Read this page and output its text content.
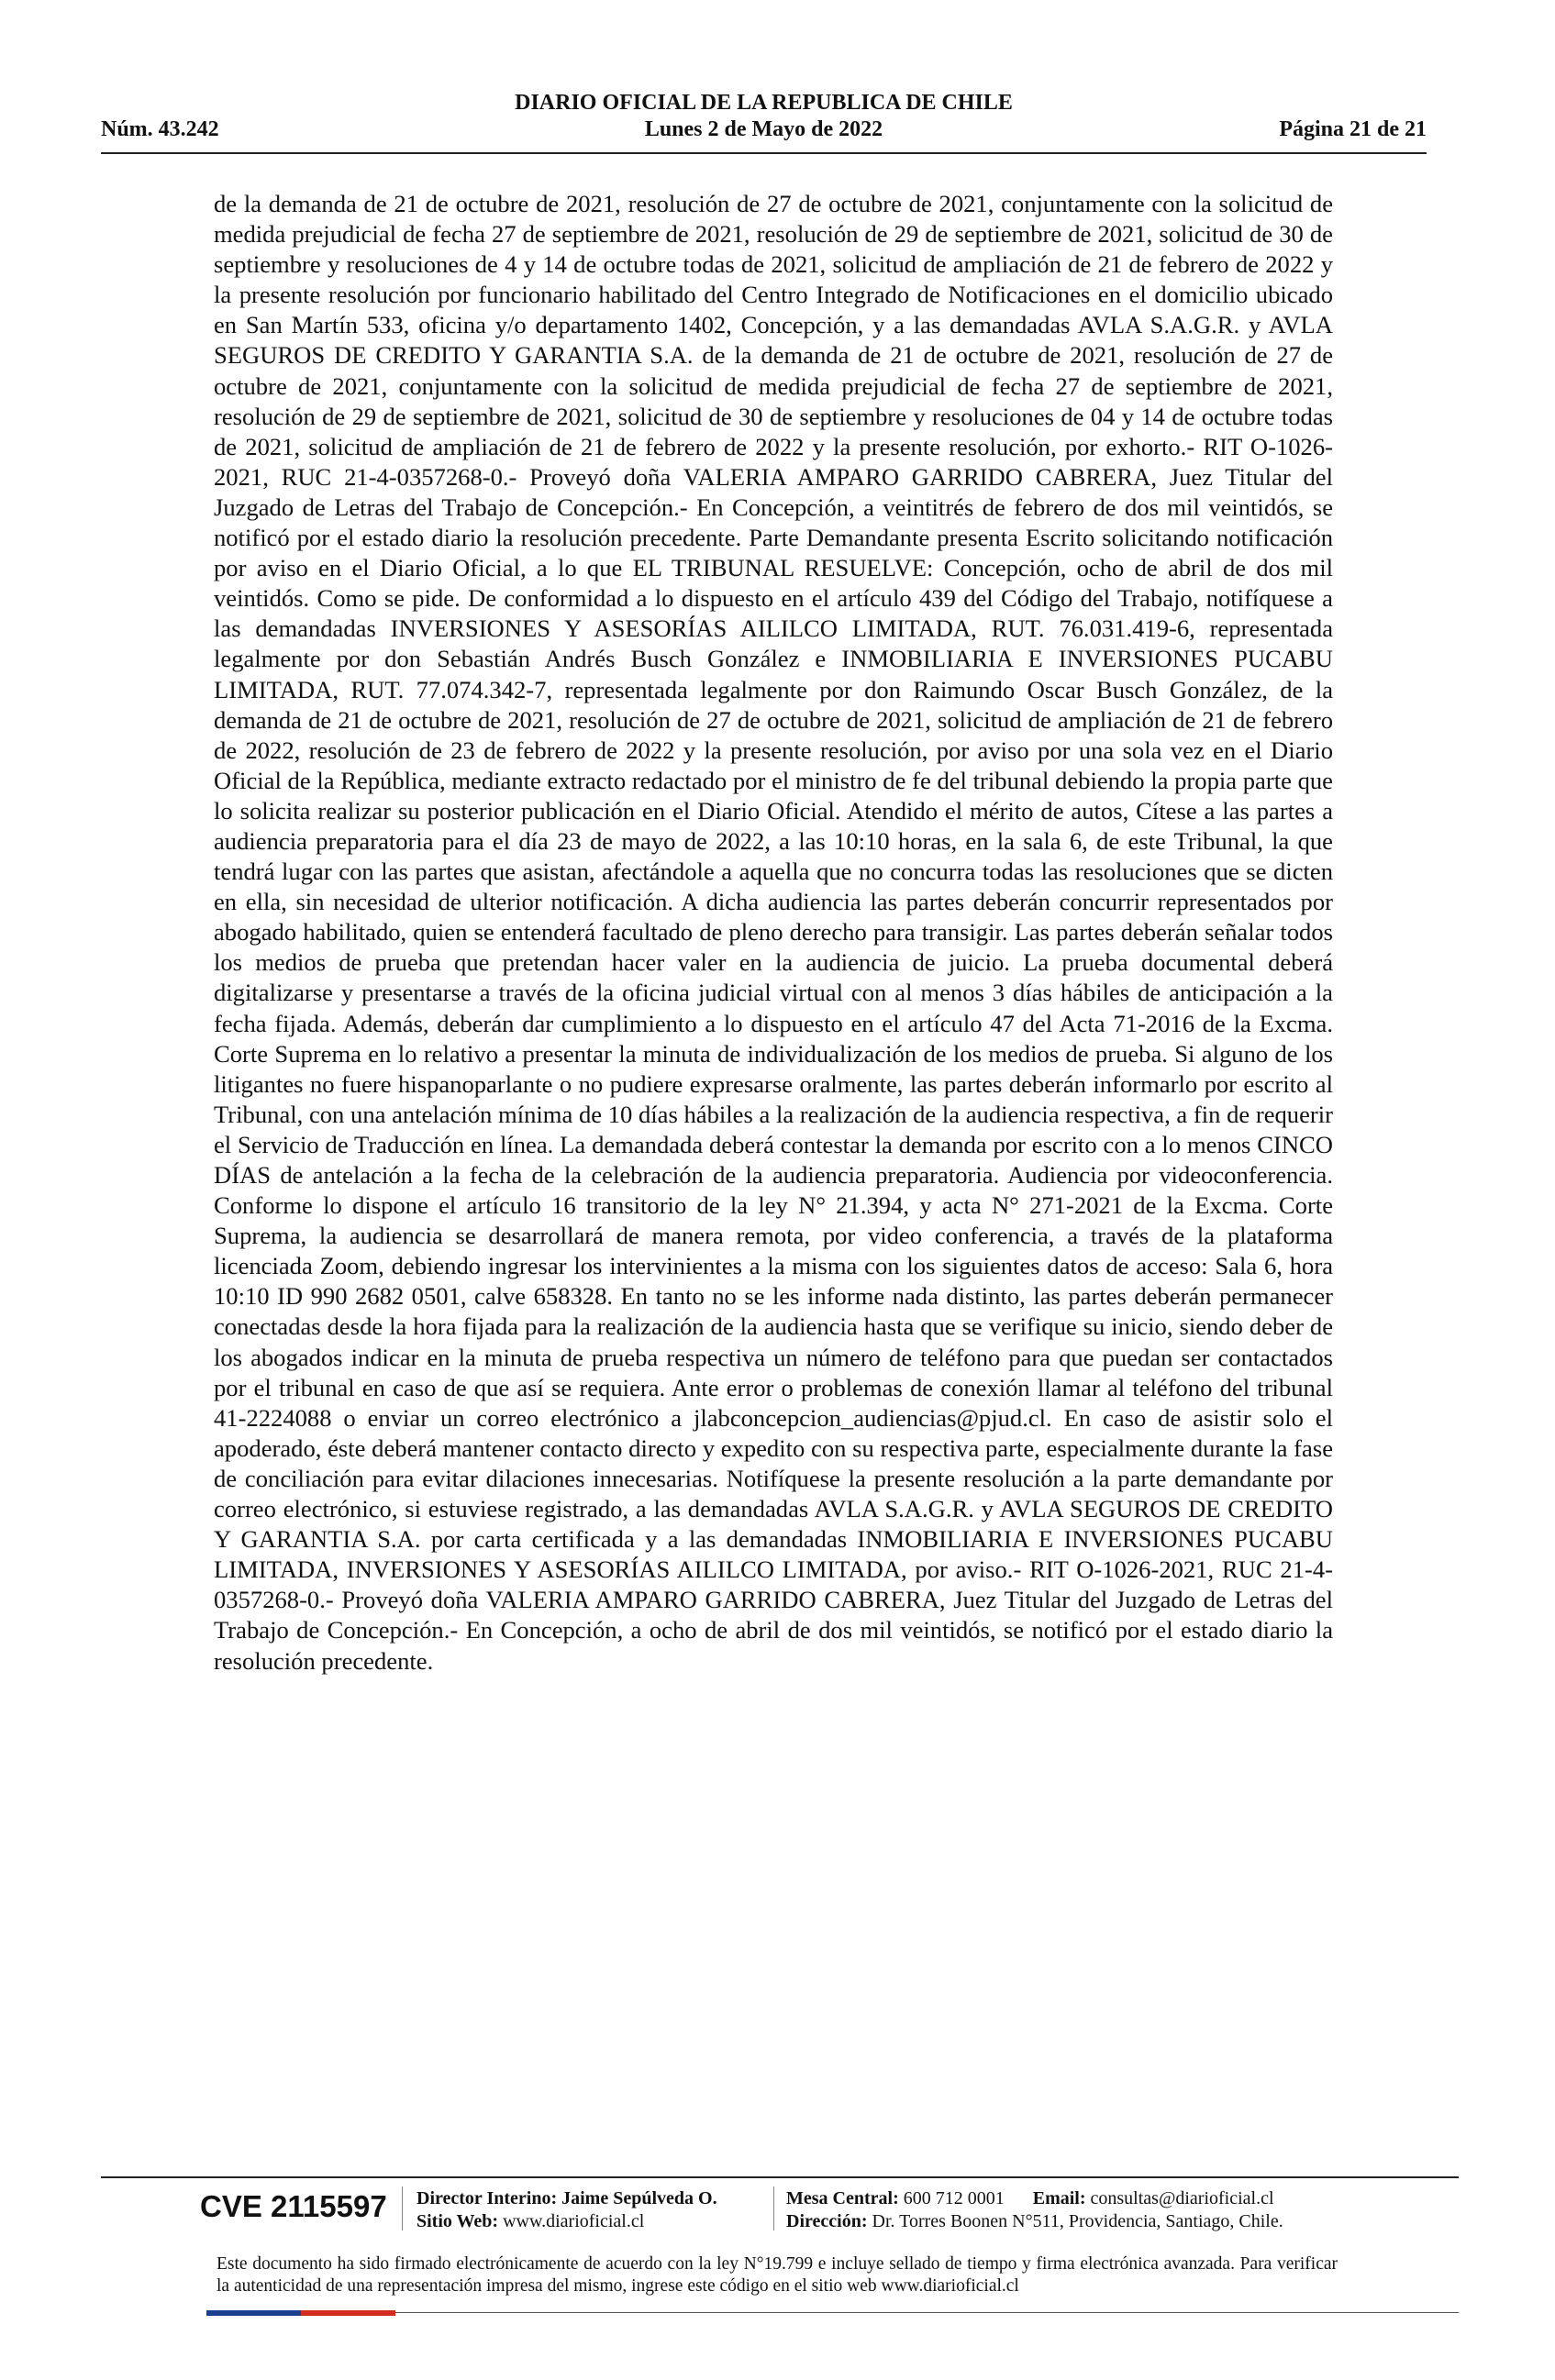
DIARIO OFICIAL DE LA REPUBLICA DE CHILE
Núm. 43.242	Lunes 2 de Mayo de 2022	Página 21 de 21

de la demanda de 21 de octubre de 2021, resolución de 27 de octubre de 2021, conjuntamente con la solicitud de medida prejudicial de fecha 27 de septiembre de 2021, resolución de 29 de septiembre de 2021, solicitud de 30 de septiembre y resoluciones de 4 y 14 de octubre todas de 2021, solicitud de ampliación de 21 de febrero de 2022 y la presente resolución por funcionario habilitado del Centro Integrado de Notificaciones en el domicilio ubicado en San Martín 533, oficina y/o departamento 1402, Concepción, y a las demandadas AVLA S.A.G.R. y AVLA SEGUROS DE CREDITO Y GARANTIA S.A. de la demanda de 21 de octubre de 2021, resolución de 27 de octubre de 2021, conjuntamente con la solicitud de medida prejudicial de fecha 27 de septiembre de 2021, resolución de 29 de septiembre de 2021, solicitud de 30 de septiembre y resoluciones de 04 y 14 de octubre todas de 2021, solicitud de ampliación de 21 de febrero de 2022 y la presente resolución, por exhorto.- RIT O-1026-2021, RUC 21-4-0357268-0.- Proveyó doña VALERIA AMPARO GARRIDO CABRERA, Juez Titular del Juzgado de Letras del Trabajo de Concepción.- En Concepción, a veintitrés de febrero de dos mil veintidós, se notificó por el estado diario la resolución precedente. Parte Demandante presenta Escrito solicitando notificación por aviso en el Diario Oficial, a lo que EL TRIBUNAL RESUELVE: Concepción, ocho de abril de dos mil veintidós. Como se pide. De conformidad a lo dispuesto en el artículo 439 del Código del Trabajo, notifíquese a las demandadas INVERSIONES Y ASESORÍAS AILILCO LIMITADA, RUT. 76.031.419-6, representada legalmente por don Sebastián Andrés Busch González e INMOBILIARIA E INVERSIONES PUCABU LIMITADA, RUT. 77.074.342-7, representada legalmente por don Raimundo Oscar Busch González, de la demanda de 21 de octubre de 2021, resolución de 27 de octubre de 2021, solicitud de ampliación de 21 de febrero de 2022, resolución de 23 de febrero de 2022 y la presente resolución, por aviso por una sola vez en el Diario Oficial de la República, mediante extracto redactado por el ministro de fe del tribunal debiendo la propia parte que lo solicita realizar su posterior publicación en el Diario Oficial. Atendido el mérito de autos, Cítese a las partes a audiencia preparatoria para el día 23 de mayo de 2022, a las 10:10 horas, en la sala 6, de este Tribunal, la que tendrá lugar con las partes que asistan, afectándole a aquella que no concurra todas las resoluciones que se dicten en ella, sin necesidad de ulterior notificación. A dicha audiencia las partes deberán concurrir representados por abogado habilitado, quien se entenderá facultado de pleno derecho para transigir. Las partes deberán señalar todos los medios de prueba que pretendan hacer valer en la audiencia de juicio. La prueba documental deberá digitalizarse y presentarse a través de la oficina judicial virtual con al menos 3 días hábiles de anticipación a la fecha fijada. Además, deberán dar cumplimiento a lo dispuesto en el artículo 47 del Acta 71-2016 de la Excma. Corte Suprema en lo relativo a presentar la minuta de individualización de los medios de prueba. Si alguno de los litigantes no fuere hispanoparlante o no pudiere expresarse oralmente, las partes deberán informarlo por escrito al Tribunal, con una antelación mínima de 10 días hábiles a la realización de la audiencia respectiva, a fin de requerir el Servicio de Traducción en línea. La demandada deberá contestar la demanda por escrito con a lo menos CINCO DÍAS de antelación a la fecha de la celebración de la audiencia preparatoria. Audiencia por videoconferencia. Conforme lo dispone el artículo 16 transitorio de la ley N° 21.394, y acta N° 271-2021 de la Excma. Corte Suprema, la audiencia se desarrollará de manera remota, por video conferencia, a través de la plataforma licenciada Zoom, debiendo ingresar los intervinientes a la misma con los siguientes datos de acceso: Sala 6, hora 10:10 ID 990 2682 0501, calve 658328. En tanto no se les informe nada distinto, las partes deberán permanecer conectadas desde la hora fijada para la realización de la audiencia hasta que se verifique su inicio, siendo deber de los abogados indicar en la minuta de prueba respectiva un número de teléfono para que puedan ser contactados por el tribunal en caso de que así se requiera. Ante error o problemas de conexión llamar al teléfono del tribunal 41-2224088 o enviar un correo electrónico a jlabconcepcion_audiencias@pjud.cl. En caso de asistir solo el apoderado, éste deberá mantener contacto directo y expedito con su respectiva parte, especialmente durante la fase de conciliación para evitar dilaciones innecesarias. Notifíquese la presente resolución a la parte demandante por correo electrónico, si estuviese registrado, a las demandadas AVLA S.A.G.R. y AVLA SEGUROS DE CREDITO Y GARANTIA S.A. por carta certificada y a las demandadas INMOBILIARIA E INVERSIONES PUCABU LIMITADA, INVERSIONES Y ASESORÍAS AILILCO LIMITADA, por aviso.- RIT O-1026-2021, RUC 21-4-0357268-0.- Proveyó doña VALERIA AMPARO GARRIDO CABRERA, Juez Titular del Juzgado de Letras del Trabajo de Concepción.- En Concepción, a ocho de abril de dos mil veintidós, se notificó por el estado diario la resolución precedente.

CVE 2115597 Director Interino: Jaime Sepúlveda O.
Sitio Web: www.diarioficial.cl
Mesa Central: 600 712 0001 Email: consultas@diarioficial.cl
Dirección: Dr. Torres Boonen N°511, Providencia, Santiago, Chile.

Este documento ha sido firmado electrónicamente de acuerdo con la ley N°19.799 e incluye sellado de tiempo y firma electrónica avanzada. Para verificar la autenticidad de una representación impresa del mismo, ingrese este código en el sitio web www.diarioficial.cl
